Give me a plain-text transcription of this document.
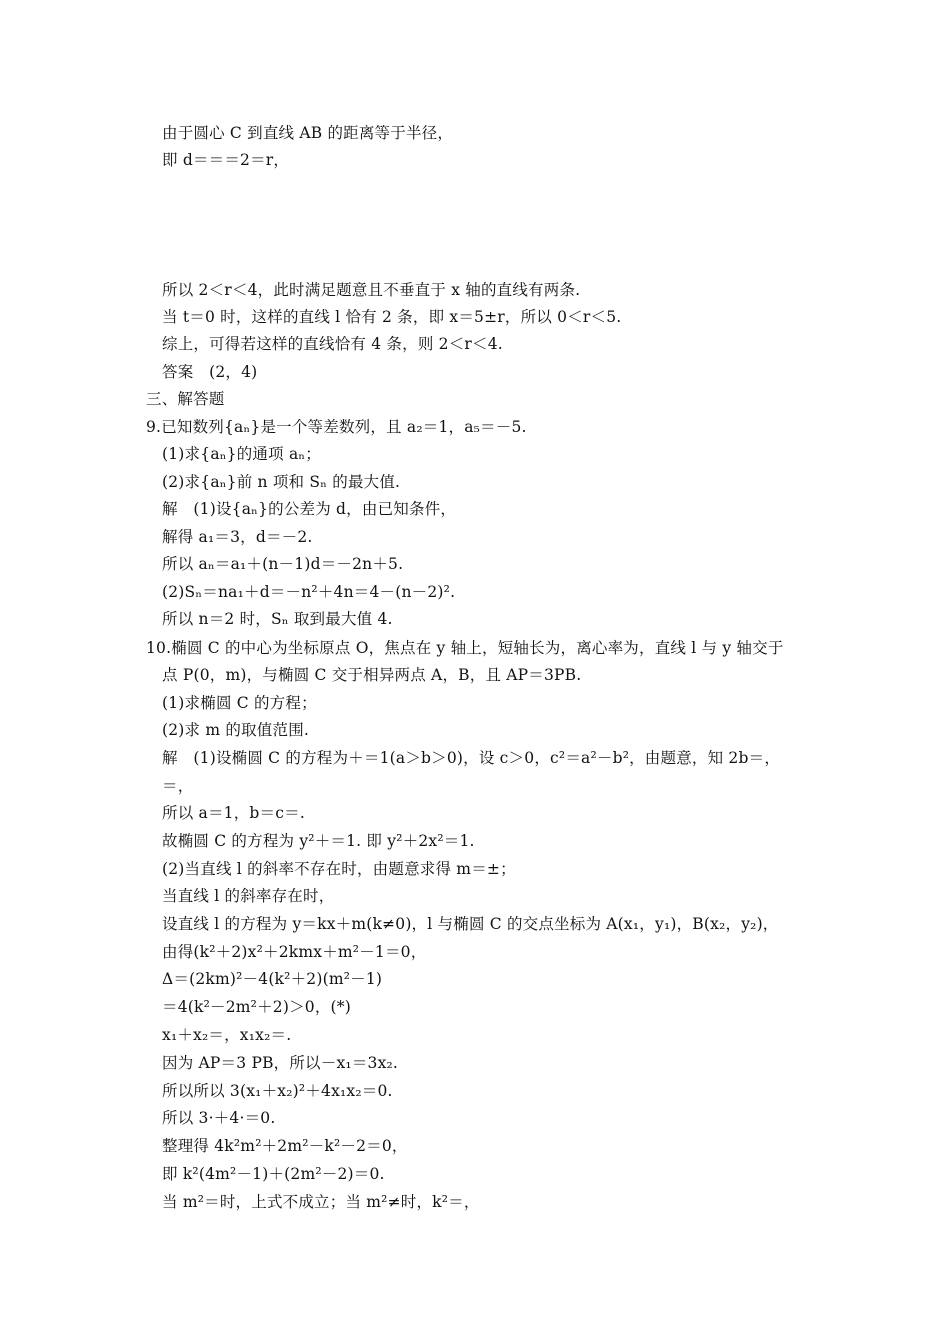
由于圆心 C 到直线 AB 的距离等于半径，
即 d＝＝＝2＝r，
所以 2＜r＜4，此时满足题意且不垂直于 x 轴的直线有两条.
当 t＝0 时，这样的直线 l 恰有 2 条，即 x＝5±r，所以 0＜r＜5.
综上，可得若这样的直线恰有 4 条，则 2＜r＜4.
答案　(2，4)
三、解答题
9.已知数列{aₙ}是一个等差数列，且 a₂＝1，a₅＝－5.
(1)求{aₙ}的通项 aₙ；
(2)求{aₙ}前 n 项和 Sₙ 的最大值.
解　(1)设{aₙ}的公差为 d，由已知条件，
解得 a₁＝3，d＝－2.
所以 aₙ＝a₁＋(n－1)d＝－2n＋5.
(2)Sₙ＝na₁＋d＝－n²＋4n＝4－(n－2)².
所以 n＝2 时，Sₙ 取到最大值 4.
10.椭圆 C 的中心为坐标原点 O，焦点在 y 轴上，短轴长为，离心率为，直线 l 与 y 轴交于
点 P(0，m)，与椭圆 C 交于相异两点 A，B，且 AP＝3PB.
(1)求椭圆 C 的方程；
(2)求 m 的取值范围.
解　(1)设椭圆 C 的方程为＋＝1(a＞b＞0)，设 c＞0，c²＝a²－b²，由题意，知 2b＝，
＝，
所以 a＝1，b＝c＝.
故椭圆 C 的方程为 y²＋＝1. 即 y²＋2x²＝1.
(2)当直线 l 的斜率不存在时，由题意求得 m＝±；
当直线 l 的斜率存在时，
设直线 l 的方程为 y＝kx＋m(k≠0)，l 与椭圆 C 的交点坐标为 A(x₁，y₁)，B(x₂，y₂)，
由得(k²＋2)x²＋2kmx＋m²－1＝0，
Δ＝(2km)²－4(k²＋2)(m²－1)
＝4(k²－2m²＋2)＞0，(*)
x₁＋x₂＝，x₁x₂＝.
因为 AP＝3 PB，所以－x₁＝3x₂.
所以所以 3(x₁＋x₂)²＋4x₁x₂＝0.
所以 3·＋4·＝0.
整理得 4k²m²＋2m²－k²－2＝0，
即 k²(4m²－1)＋(2m²－2)＝0.
当 m²＝时，上式不成立；当 m²≠时，k²＝，
